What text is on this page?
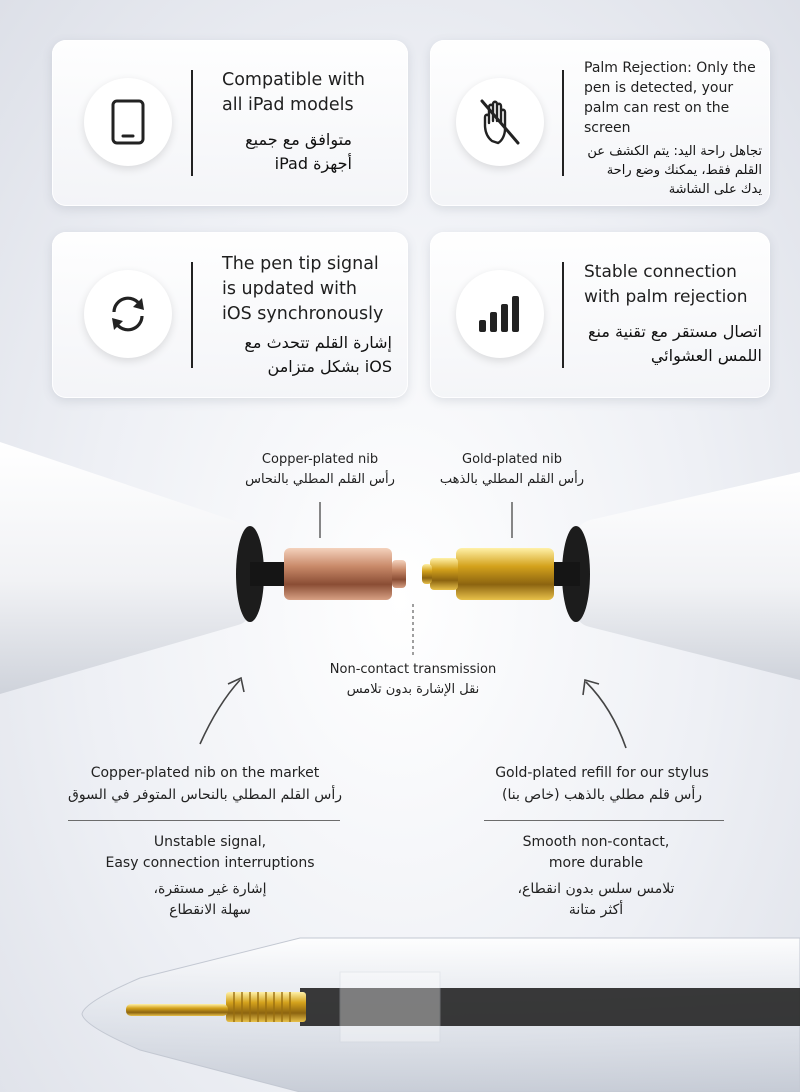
Compatible with all iPad models
متوافق مع جميع أجهزة iPad
Palm Rejection: Only the pen is detected, your palm can rest on the screen
تجاهل راحة اليد: يتم الكشف عن القلم فقط، يمكنك وضع راحة يدك على الشاشة
The pen tip signal is updated with iOS synchronously
إشارة القلم تتحدث مع iOS بشكل متزامن
Stable connection with palm rejection
اتصال مستقر مع تقنية منع اللمس العشوائي
Copper-plated nib
رأس القلم المطلي بالنحاس
Gold-plated nib
رأس القلم المطلي بالذهب
Non-contact transmission
نقل الإشارة بدون تلامس
Copper-plated nib on the market
رأس القلم المطلي بالنحاس المتوفر في السوق
Unstable signal,
Easy connection interruptions
إشارة غير مستقرة،
سهلة الانقطاع
Gold-plated refill for our stylus
رأس قلم مطلي بالذهب (خاص بنا)
Smooth non-contact,
more durable
تلامس سلس بدون انقطاع،
أكثر متانة
